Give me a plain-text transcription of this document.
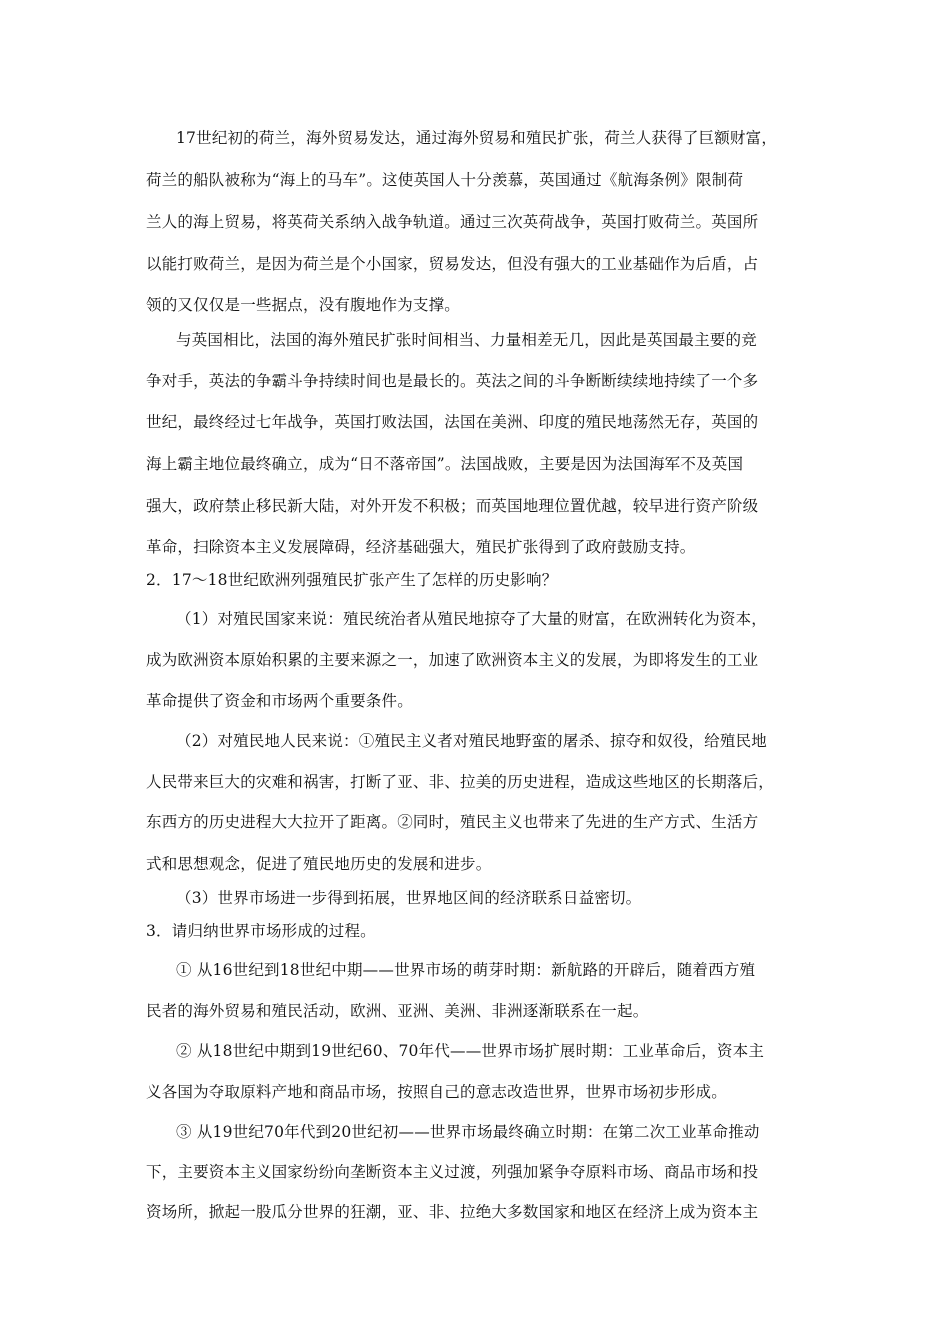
17世纪初的荷兰，海外贸易发达，通过海外贸易和殖民扩张，荷兰人获得了巨额财富，
荷兰的船队被称为“海上的马车”。这使英国人十分羡慕，英国通过《航海条例》限制荷
兰人的海上贸易，将英荷关系纳入战争轨道。通过三次英荷战争，英国打败荷兰。英国所
以能打败荷兰，是因为荷兰是个小国家，贸易发达，但没有强大的工业基础作为后盾，占
领的又仅仅是一些据点，没有腹地作为支撑。
与英国相比，法国的海外殖民扩张时间相当、力量相差无几，因此是英国最主要的竞
争对手，英法的争霸斗争持续时间也是最长的。英法之间的斗争断断续续地持续了一个多
世纪，最终经过七年战争，英国打败法国，法国在美洲、印度的殖民地荡然无存，英国的
海上霸主地位最终确立，成为“日不落帝国”。法国战败，主要是因为法国海军不及英国
强大，政府禁止移民新大陆，对外开发不积极；而英国地理位置优越，较早进行资产阶级
革命，扫除资本主义发展障碍，经济基础强大，殖民扩张得到了政府鼓励支持。
2．17～18世纪欧洲列强殖民扩张产生了怎样的历史影响？
（1）对殖民国家来说：殖民统治者从殖民地掠夺了大量的财富，在欧洲转化为资本，
成为欧洲资本原始积累的主要来源之一，加速了欧洲资本主义的发展，为即将发生的工业
革命提供了资金和市场两个重要条件。
（2）对殖民地人民来说：①殖民主义者对殖民地野蛮的屠杀、掠夺和奴役，给殖民地
人民带来巨大的灾难和祸害，打断了亚、非、拉美的历史进程，造成这些地区的长期落后，
东西方的历史进程大大拉开了距离。②同时，殖民主义也带来了先进的生产方式、生活方
式和思想观念，促进了殖民地历史的发展和进步。
（3）世界市场进一步得到拓展，世界地区间的经济联系日益密切。
3．请归纳世界市场形成的过程。
① 从16世纪到18世纪中期——世界市场的萌芽时期：新航路的开辟后，随着西方殖
民者的海外贸易和殖民活动，欧洲、亚洲、美洲、非洲逐渐联系在一起。
② 从18世纪中期到19世纪60、70年代——世界市场扩展时期：工业革命后，资本主
义各国为夺取原料产地和商品市场，按照自己的意志改造世界，世界市场初步形成。
③ 从19世纪70年代到20世纪初——世界市场最终确立时期：在第二次工业革命推动
下，主要资本主义国家纷纷向垄断资本主义过渡，列强加紧争夺原料市场、商品市场和投
资场所，掀起一股瓜分世界的狂潮，亚、非、拉绝大多数国家和地区在经济上成为资本主
